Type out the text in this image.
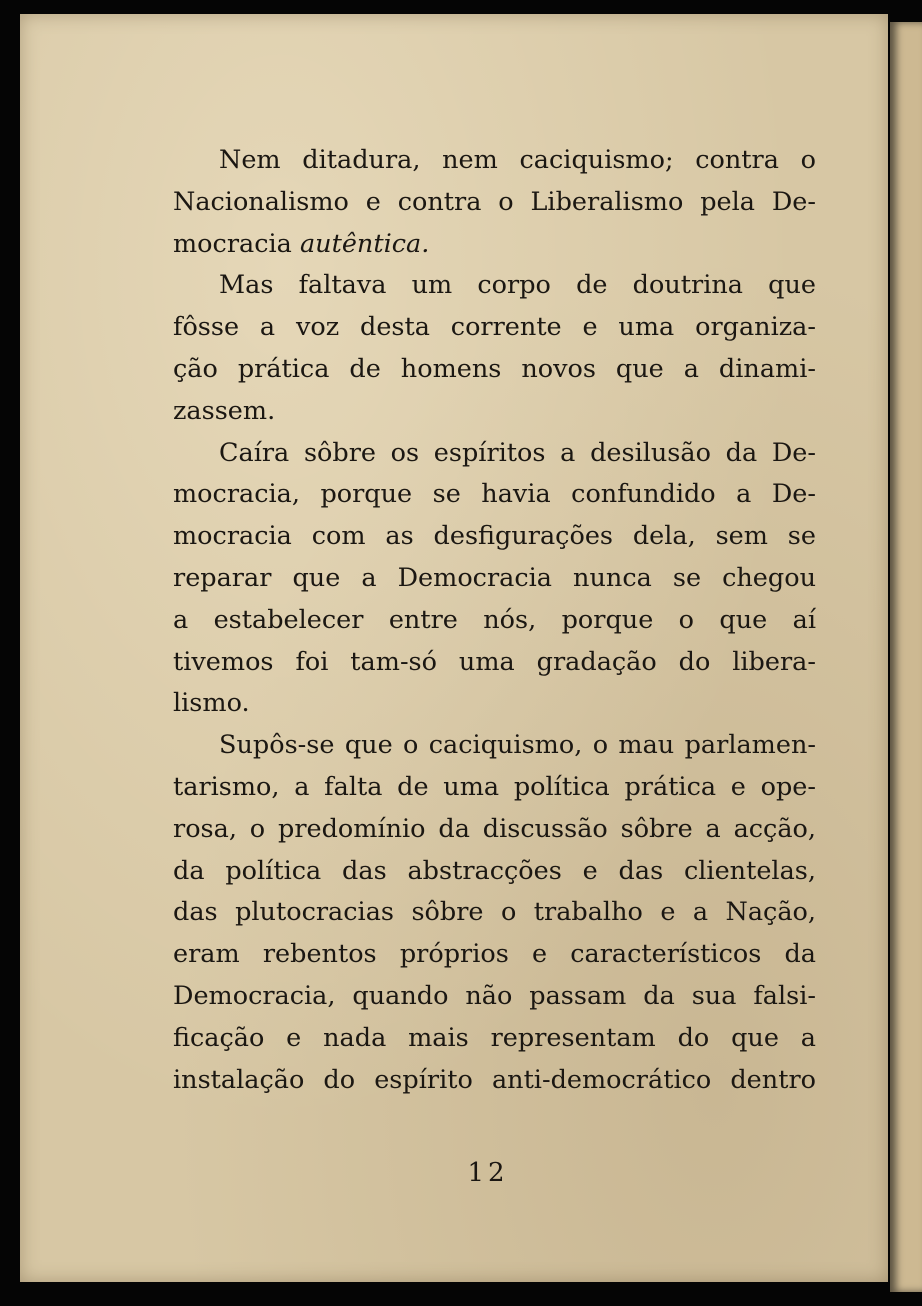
Nem ditadura, nem caciquismo; contra o
Nacionalismo e contra o Liberalismo pela De-
mocracia autêntica.
Mas faltava um corpo de doutrina que
fôsse a voz desta corrente e uma organiza-
ção prática de homens novos que a dinami-
zassem.
Caíra sôbre os espíritos a desilusão da De-
mocracia, porque se havia confundido a De-
mocracia com as desfigurações dela, sem se
reparar que a Democracia nunca se chegou
a estabelecer entre nós, porque o que aí
tivemos foi tam-só uma gradação do libera-
lismo.
Supôs-se que o caciquismo, o mau parlamen-
tarismo, a falta de uma política prática e ope-
rosa, o predomínio da discussão sôbre a acção,
da política das abstracções e das clientelas,
das plutocracias sôbre o trabalho e a Nação,
eram rebentos próprios e característicos da
Democracia, quando não passam da sua falsi-
ficação e nada mais representam do que a
instalação do espírito anti-democrático dentro
12
